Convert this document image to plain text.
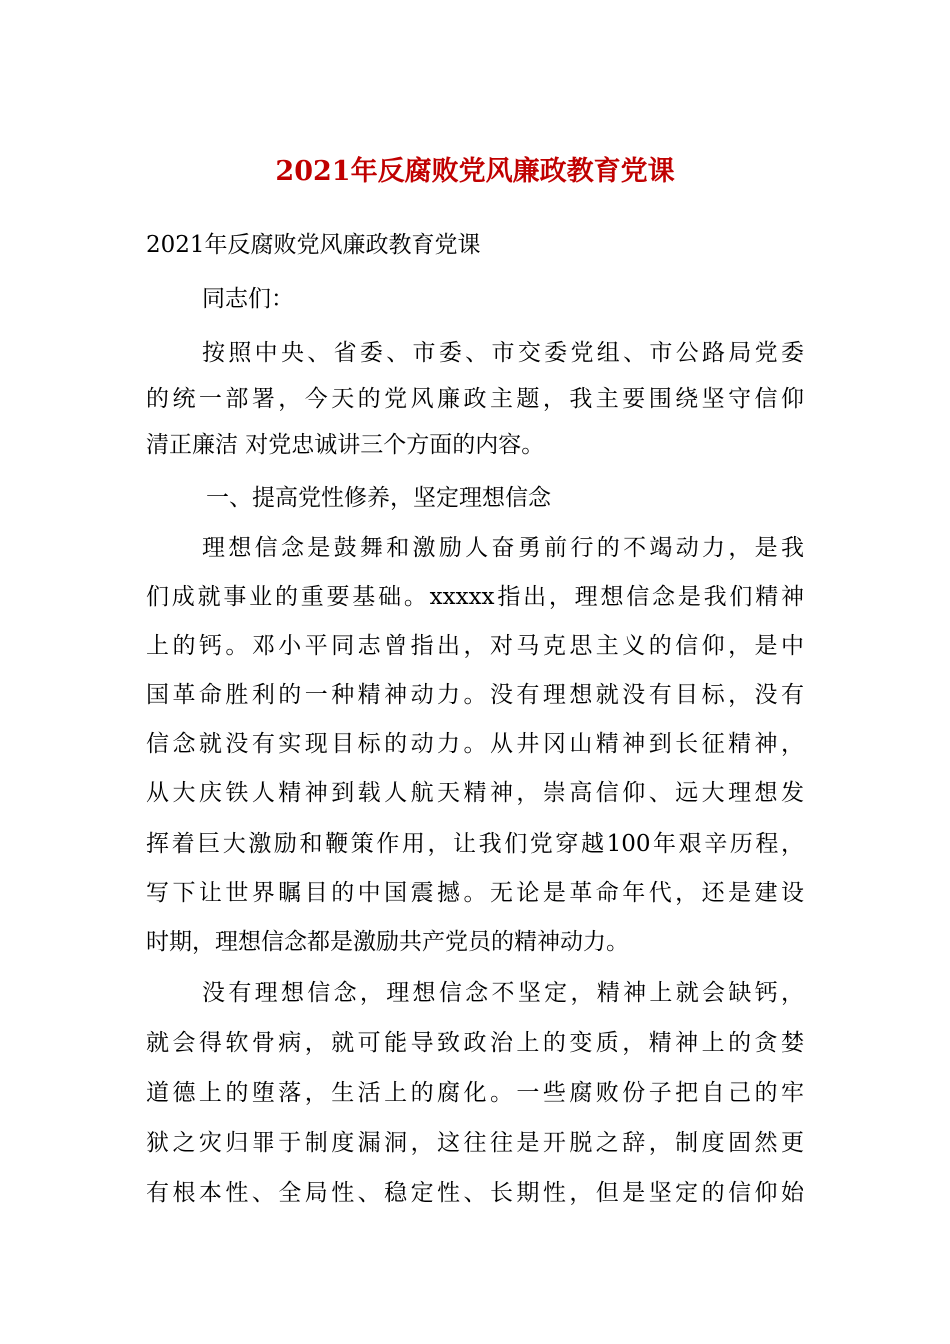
2021年反腐败党风廉政教育党课

2021年反腐败党风廉政教育党课

同志们：

按照中央、省委、市委、市交委党组、市公路局党委

的统一部署，今天的党风廉政主题，我主要围绕坚守信仰

清正廉洁 对党忠诚讲三个方面的内容。

一、提高党性修养，坚定理想信念

理想信念是鼓舞和激励人奋勇前行的不竭动力，是我

们成就事业的重要基础。xxxxx指出，理想信念是我们精神

上的钙。邓小平同志曾指出，对马克思主义的信仰，是中

国革命胜利的一种精神动力。没有理想就没有目标，没有

信念就没有实现目标的动力。从井冈山精神到长征精神，

从大庆铁人精神到载人航天精神，崇高信仰、远大理想发

挥着巨大激励和鞭策作用，让我们党穿越100年艰辛历程，

写下让世界瞩目的中国震撼。无论是革命年代，还是建设

时期，理想信念都是激励共产党员的精神动力。

没有理想信念，理想信念不坚定，精神上就会缺钙，

就会得软骨病，就可能导致政治上的变质，精神上的贪婪

道德上的堕落，生活上的腐化。一些腐败份子把自己的牢

狱之灾归罪于制度漏洞，这往往是开脱之辞，制度固然更

有根本性、全局性、稳定性、长期性，但是坚定的信仰始
